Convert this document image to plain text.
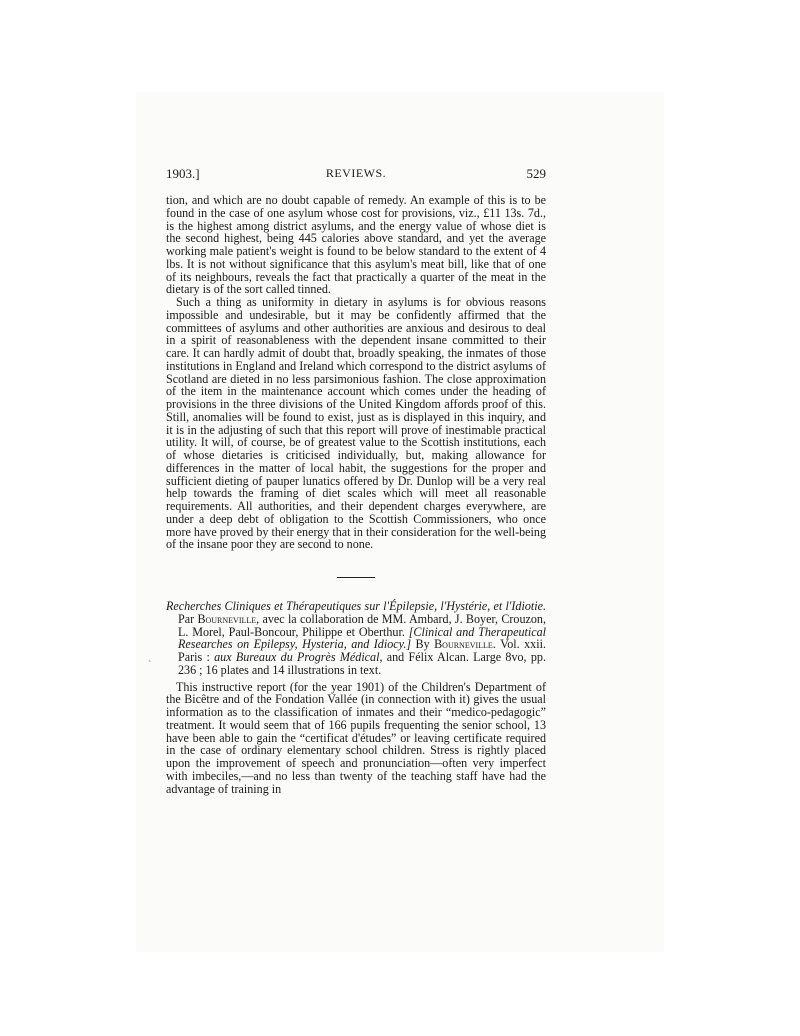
1903.]	REVIEWS.	529

tion, and which are no doubt capable of remedy. An example of this is to be found in the case of one asylum whose cost for provisions, viz., £11 13s. 7d., is the highest among district asylums, and the energy value of whose diet is the second highest, being 445 calories above standard, and yet the average working male patient's weight is found to be below standard to the extent of 4 lbs. It is not without significance that this asylum's meat bill, like that of one of its neighbours, reveals the fact that practically a quarter of the meat in the dietary is of the sort called tinned.

Such a thing as uniformity in dietary in asylums is for obvious reasons impossible and undesirable, but it may be confidently affirmed that the committees of asylums and other authorities are anxious and desirous to deal in a spirit of reasonableness with the dependent insane committed to their care. It can hardly admit of doubt that, broadly speaking, the inmates of those institutions in England and Ireland which correspond to the district asylums of Scotland are dieted in no less parsimonious fashion. The close approximation of the item in the maintenance account which comes under the heading of provisions in the three divisions of the United Kingdom affords proof of this. Still, anomalies will be found to exist, just as is displayed in this inquiry, and it is in the adjusting of such that this report will prove of inestimable practical utility. It will, of course, be of greatest value to the Scottish institutions, each of whose dietaries is criticised individually, but, making allowance for differences in the matter of local habit, the suggestions for the proper and sufficient dieting of pauper lunatics offered by Dr. Dunlop will be a very real help towards the framing of diet scales which will meet all reasonable requirements. All authorities, and their dependent charges everywhere, are under a deep debt of obligation to the Scottish Commissioners, who once more have proved by their energy that in their consideration for the well-being of the insane poor they are second to none.

Recherches Cliniques et Thérapeutiques sur l'Épilepsie, l'Hystérie, et l'Idiotie. Par Bourneville, avec la collaboration de MM. Ambard, J. Boyer, Crouzon, L. Morel, Paul-Boncour, Philippe et Oberthur. [Clinical and Therapeutical Researches on Epilepsy, Hysteria, and Idiocy.] By Bourneville. Vol. xxii. Paris : aux Bureaux du Progrès Médical, and Félix Alcan. Large 8vo, pp. 236 ; 16 plates and 14 illustrations in text.

This instructive report (for the year 1901) of the Children's Department of the Bicêtre and of the Fondation Vallée (in connection with it) gives the usual information as to the classification of inmates and their “medico-pedagogic” treatment. It would seem that of 166 pupils frequenting the senior school, 13 have been able to gain the “certificat d'études” or leaving certificate required in the case of ordinary elementary school children. Stress is rightly placed upon the improvement of speech and pronunciation—often very imperfect with imbeciles,—and no less than twenty of the teaching staff have had the advantage of training in

`
